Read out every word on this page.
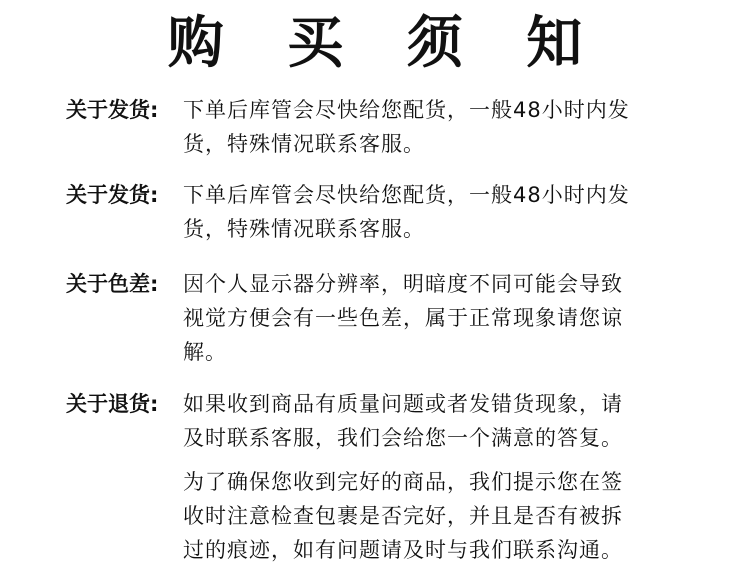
购 买 须 知
关于发货:	下单后库管会尽快给您配货，一般48小时内发
货，特殊情况联系客服。
关于发货:	下单后库管会尽快给您配货，一般48小时内发
货，特殊情况联系客服。
关于色差:	因个人显示器分辨率，明暗度不同可能会导致
视觉方便会有一些色差，属于正常现象请您谅
解。
关于退货:	如果收到商品有质量问题或者发错货现象，请
及时联系客服，我们会给您一个满意的答复。
为了确保您收到完好的商品，我们提示您在签
收时注意检查包裹是否完好，并且是否有被拆
过的痕迹，如有问题请及时与我们联系沟通。
